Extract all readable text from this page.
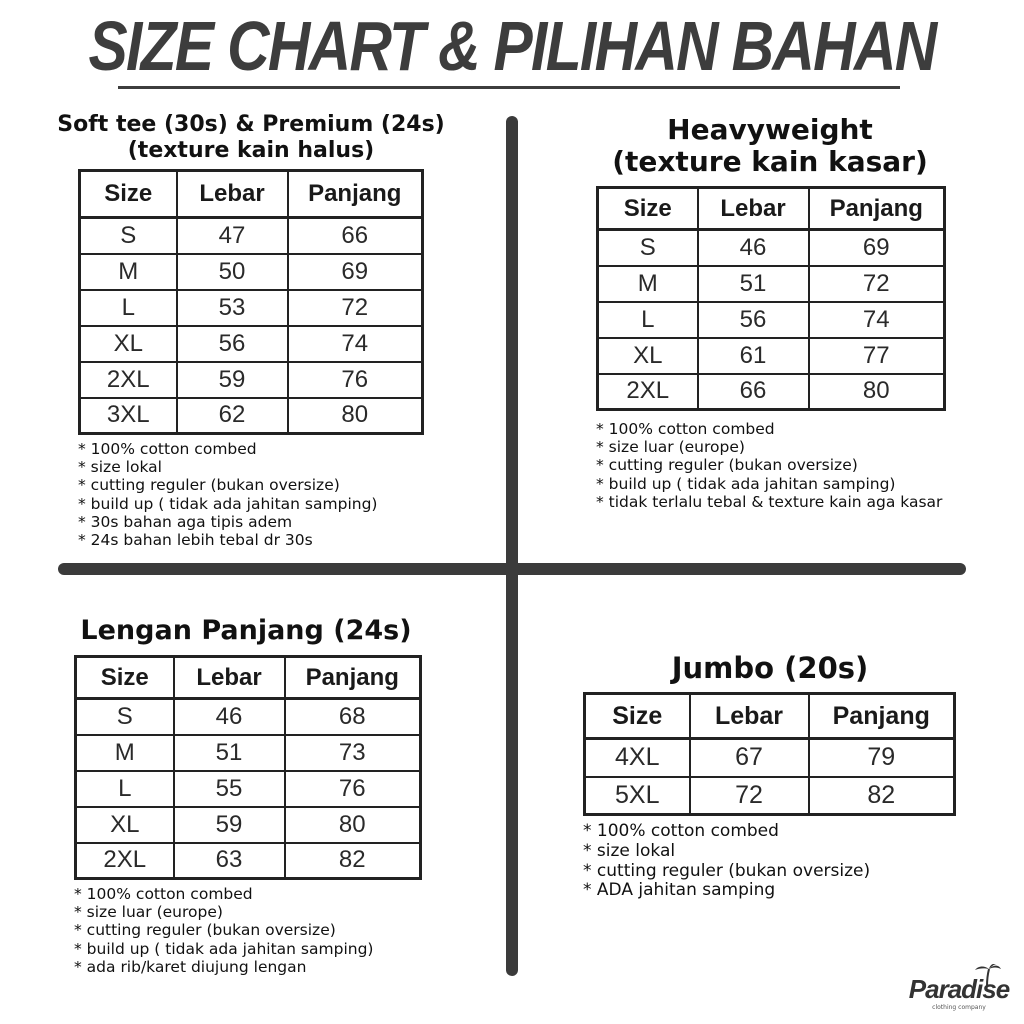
SIZE CHART & PILIHAN BAHAN
Soft tee (30s) & Premium (24s)
(texture kain halus)
Size	Lebar	Panjang
S	47	66
M	50	69
L	53	72
XL	56	74
2XL	59	76
3XL	62	80
* 100% cotton combed
* size lokal
* cutting reguler (bukan oversize)
* build up ( tidak ada jahitan samping)
* 30s bahan aga tipis adem
* 24s bahan lebih tebal dr 30s
Heavyweight
(texture kain kasar)
Size	Lebar	Panjang
S	46	69
M	51	72
L	56	74
XL	61	77
2XL	66	80
* 100% cotton combed
* size luar (europe)
* cutting reguler (bukan oversize)
* build up ( tidak ada jahitan samping)
* tidak terlalu tebal & texture kain aga kasar
Lengan Panjang (24s)
Size	Lebar	Panjang
S	46	68
M	51	73
L	55	76
XL	59	80
2XL	63	82
* 100% cotton combed
* size luar (europe)
* cutting reguler (bukan oversize)
* build up ( tidak ada jahitan samping)
* ada rib/karet diujung lengan
Jumbo (20s)
Size	Lebar	Panjang
4XL	67	79
5XL	72	82
* 100% cotton combed
* size lokal
* cutting reguler (bukan oversize)
* ADA jahitan samping
Paradise
clothing company
